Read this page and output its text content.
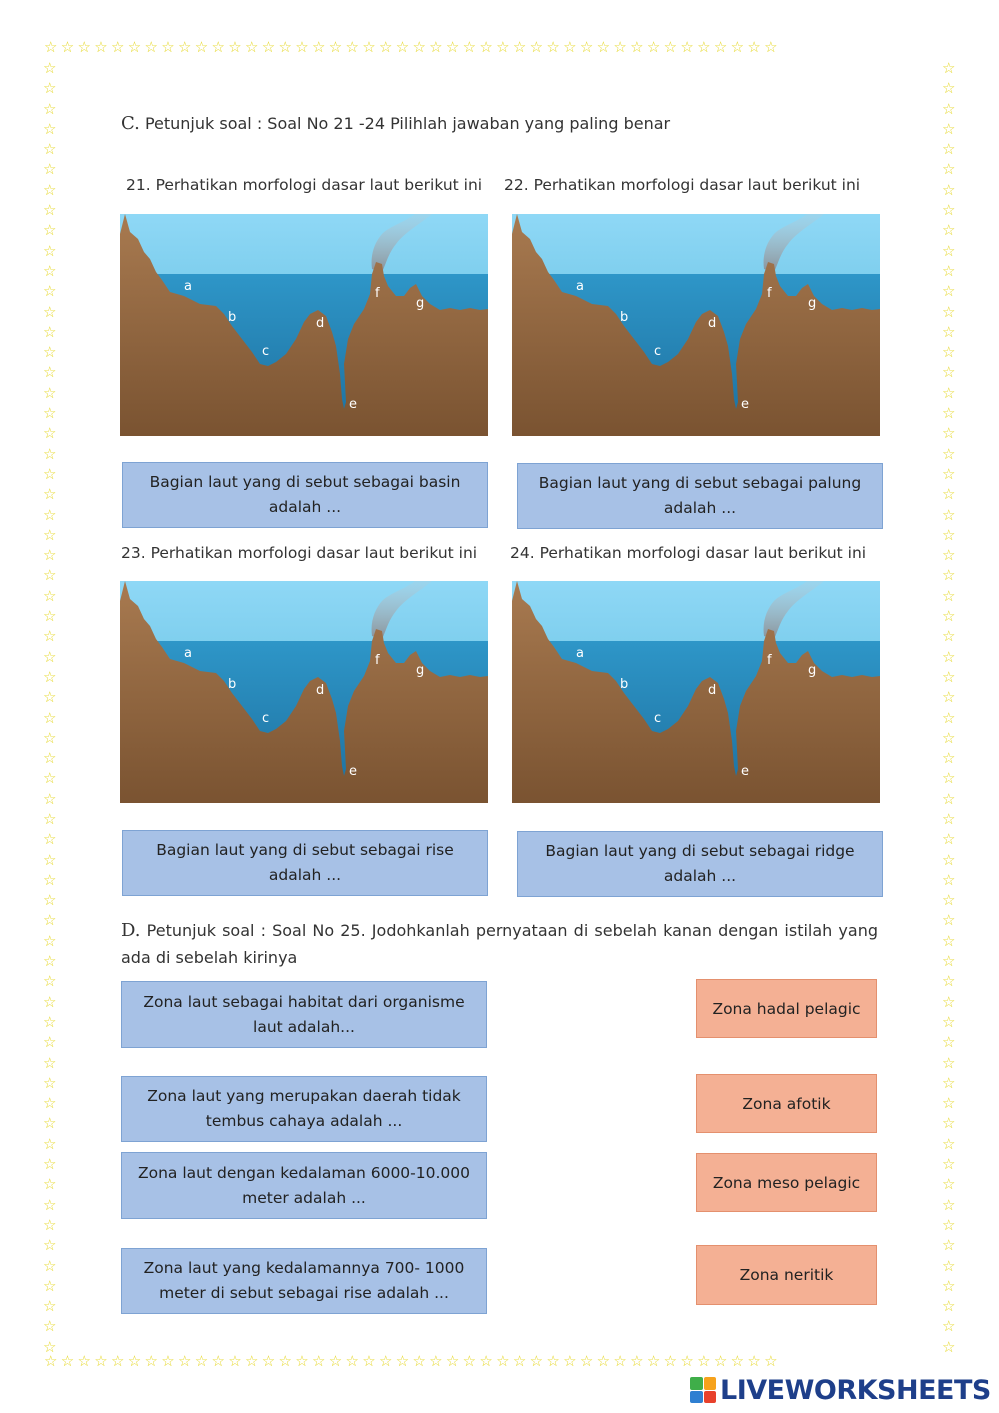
☆☆☆☆☆☆☆☆☆☆☆☆☆☆☆☆☆☆☆☆☆☆☆☆☆☆☆☆☆☆☆☆☆☆☆☆☆☆☆☆☆☆☆☆
☆☆☆☆☆☆☆☆☆☆☆☆☆☆☆☆☆☆☆☆☆☆☆☆☆☆☆☆☆☆☆☆☆☆☆☆☆☆☆☆☆☆☆☆
☆ ☆ ☆ ☆ ☆ ☆ ☆ ☆ ☆ ☆ ☆ ☆ ☆ ☆ ☆ ☆ ☆ ☆ ☆ ☆ ☆ ☆ ☆ ☆ ☆ ☆ ☆ ☆ ☆ ☆ ☆ ☆ ☆ ☆ ☆ ☆ ☆ ☆ ☆ ☆ ☆ ☆ ☆ ☆ ☆ ☆ ☆ ☆ ☆ ☆ ☆ ☆ ☆ ☆ ☆ ☆ ☆ ☆ ☆ ☆ ☆ ☆ ☆ ☆
☆ ☆ ☆ ☆ ☆ ☆ ☆ ☆ ☆ ☆ ☆ ☆ ☆ ☆ ☆ ☆ ☆ ☆ ☆ ☆ ☆ ☆ ☆ ☆ ☆ ☆ ☆ ☆ ☆ ☆ ☆ ☆ ☆ ☆ ☆ ☆ ☆ ☆ ☆ ☆ ☆ ☆ ☆ ☆ ☆ ☆ ☆ ☆ ☆ ☆ ☆ ☆ ☆ ☆ ☆ ☆ ☆ ☆ ☆ ☆ ☆ ☆ ☆ ☆
C. Petunjuk soal : Soal No 21 -24 Pilihlah jawaban yang paling benar
21. Perhatikan morfologi dasar laut berikut ini 22. Perhatikan morfologi dasar laut berikut ini
a
b
c
d
e
f
g
a
b
c
d
e
f
g
Bagian laut yang di sebut sebagai basin adalah ...
Bagian laut yang di sebut sebagai palung adalah ...
23. Perhatikan morfologi dasar laut berikut ini 24. Perhatikan morfologi dasar laut berikut ini
a
b
c
d
e
f
g
a
b
c
d
e
f
g
Bagian laut yang di sebut sebagai rise adalah ...
Bagian laut yang di sebut sebagai ridge adalah ...
D. Petunjuk soal : Soal No 25. Jodohkanlah pernyataan di sebelah kanan dengan istilah yang ada di sebelah kirinya
Zona laut sebagai habitat dari organisme laut adalah...
Zona laut yang merupakan daerah tidak tembus cahaya adalah ...
Zona laut dengan kedalaman 6000-10.000 meter adalah ...
Zona laut yang kedalamannya 700- 1000 meter di sebut sebagai rise adalah ...
Zona hadal pelagic
Zona afotik
Zona meso pelagic
Zona neritik
LIVEWORKSHEETS
